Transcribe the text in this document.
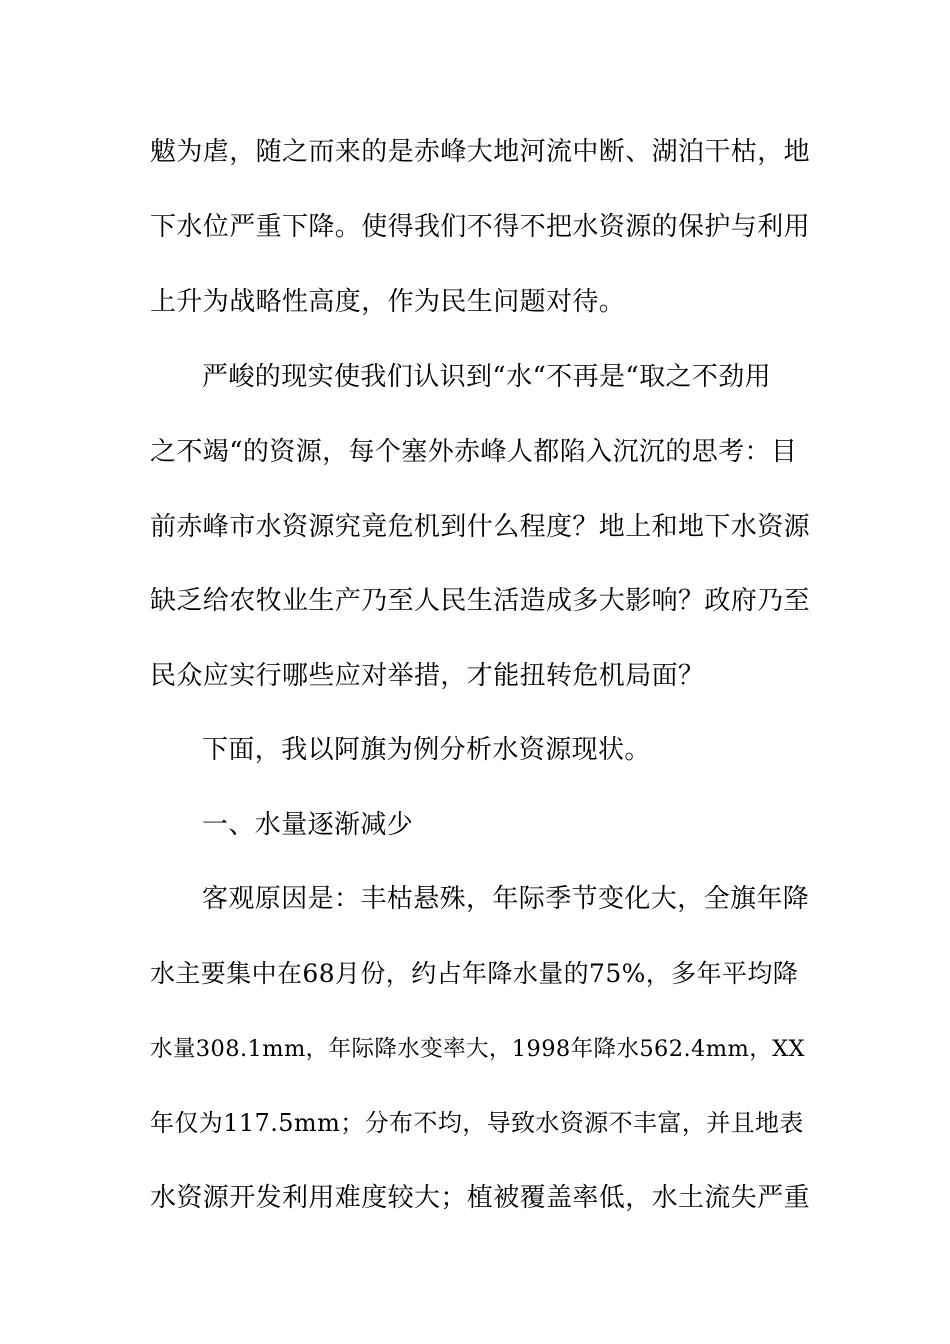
魃为虐，随之而来的是赤峰大地河流中断、湖泊干枯，地
下水位严重下降。使得我们不得不把水资源的保护与利用
上升为战略性高度，作为民生问题对待。
严峻的现实使我们认识到“水“不再是“取之不劲用
之不竭“的资源，每个塞外赤峰人都陷入沉沉的思考：目
前赤峰市水资源究竟危机到什么程度？地上和地下水资源
缺乏给农牧业生产乃至人民生活造成多大影响？政府乃至
民众应实行哪些应对举措，才能扭转危机局面？
下面，我以阿旗为例分析水资源现状。
一、水量逐渐减少
客观原因是：丰枯悬殊，年际季节变化大，全旗年降
水主要集中在68月份，约占年降水量的75%，多年平均降
水量308.1mm，年际降水变率大，1998年降水562.4mm，XX
年仅为117.5mm；分布不均，导致水资源不丰富，并且地表
水资源开发利用难度较大；植被覆盖率低，水土流失严重
